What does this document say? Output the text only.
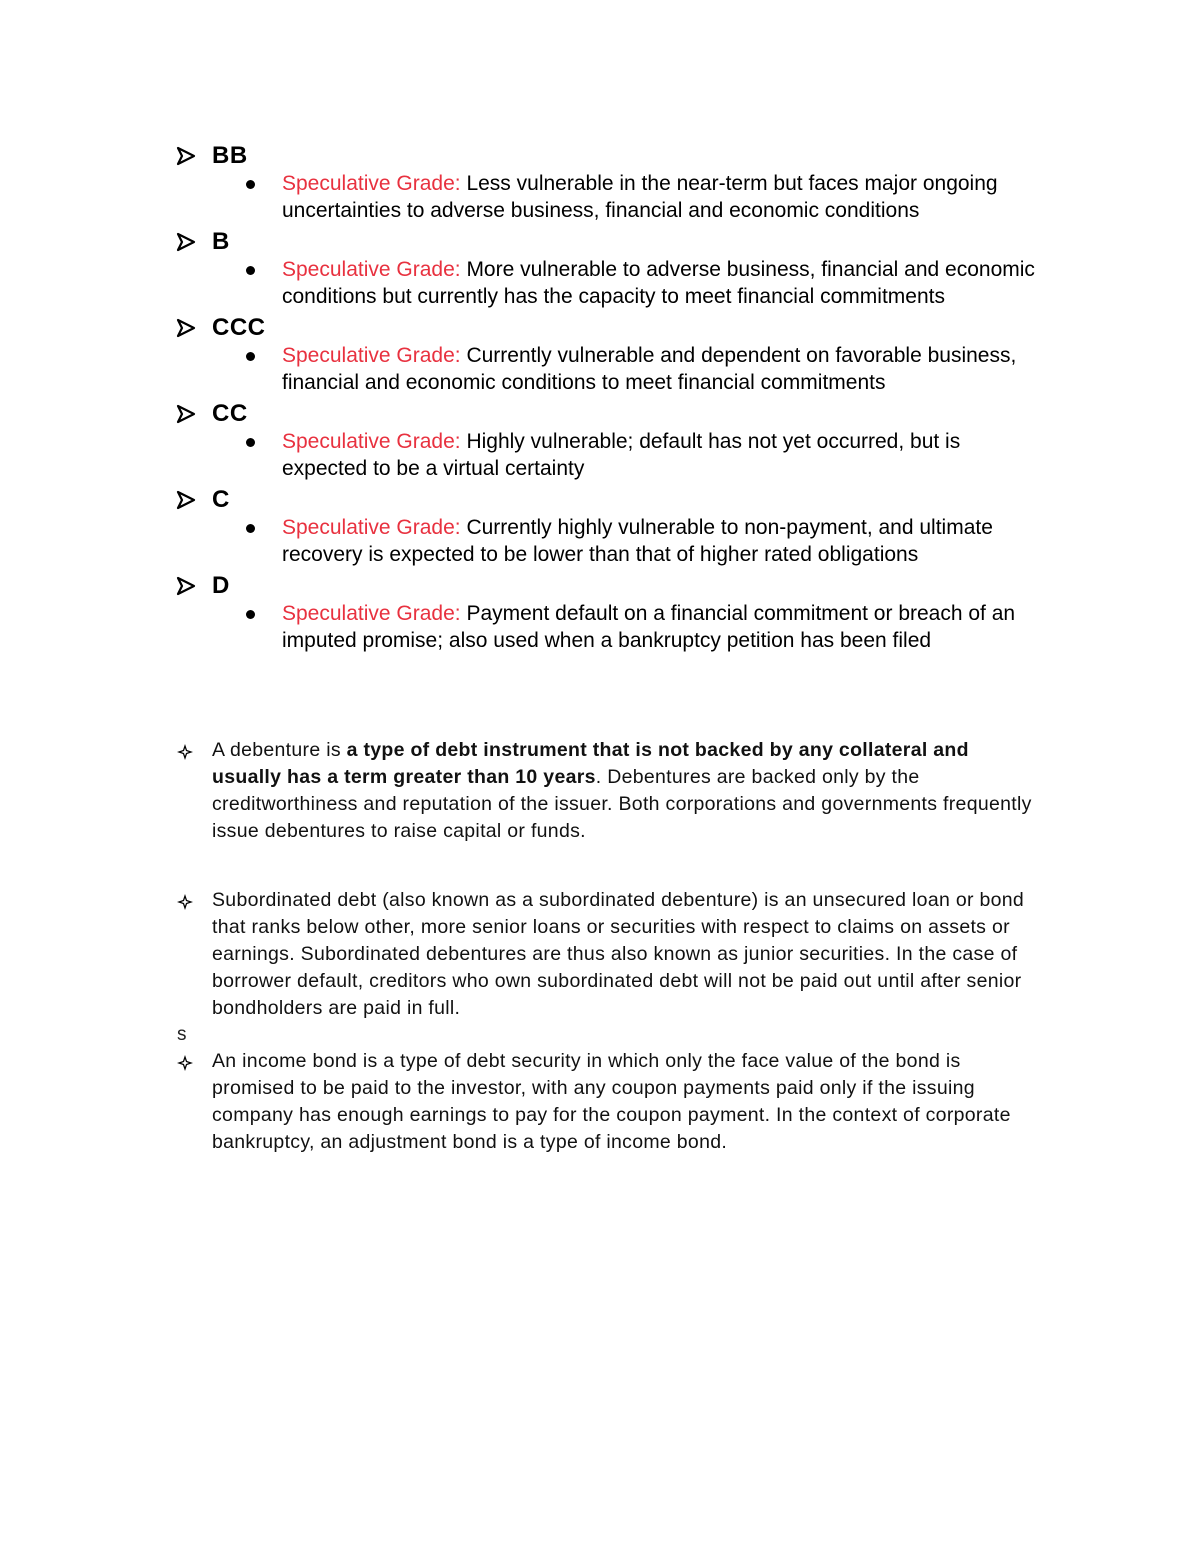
BB
Speculative Grade: Less vulnerable in the near-term but faces major ongoing uncertainties to adverse business, financial and economic conditions
B
Speculative Grade: More vulnerable to adverse business, financial and economic conditions but currently has the capacity to meet financial commitments
CCC
Speculative Grade: Currently vulnerable and dependent on favorable business, financial and economic conditions to meet financial commitments
CC
Speculative Grade: Highly vulnerable; default has not yet occurred, but is expected to be a virtual certainty
C
Speculative Grade: Currently highly vulnerable to non-payment, and ultimate recovery is expected to be lower than that of higher rated obligations
D
Speculative Grade: Payment default on a financial commitment or breach of an imputed promise; also used when a bankruptcy petition has been filed
A debenture is a type of debt instrument that is not backed by any collateral and usually has a term greater than 10 years. Debentures are backed only by the creditworthiness and reputation of the issuer. Both corporations and governments frequently issue debentures to raise capital or funds.
Subordinated debt (also known as a subordinated debenture) is an unsecured loan or bond that ranks below other, more senior loans or securities with respect to claims on assets or earnings. Subordinated debentures are thus also known as junior securities. In the case of borrower default, creditors who own subordinated debt will not be paid out until after senior bondholders are paid in full.
s
An income bond is a type of debt security in which only the face value of the bond is promised to be paid to the investor, with any coupon payments paid only if the issuing company has enough earnings to pay for the coupon payment. In the context of corporate bankruptcy, an adjustment bond is a type of income bond.
